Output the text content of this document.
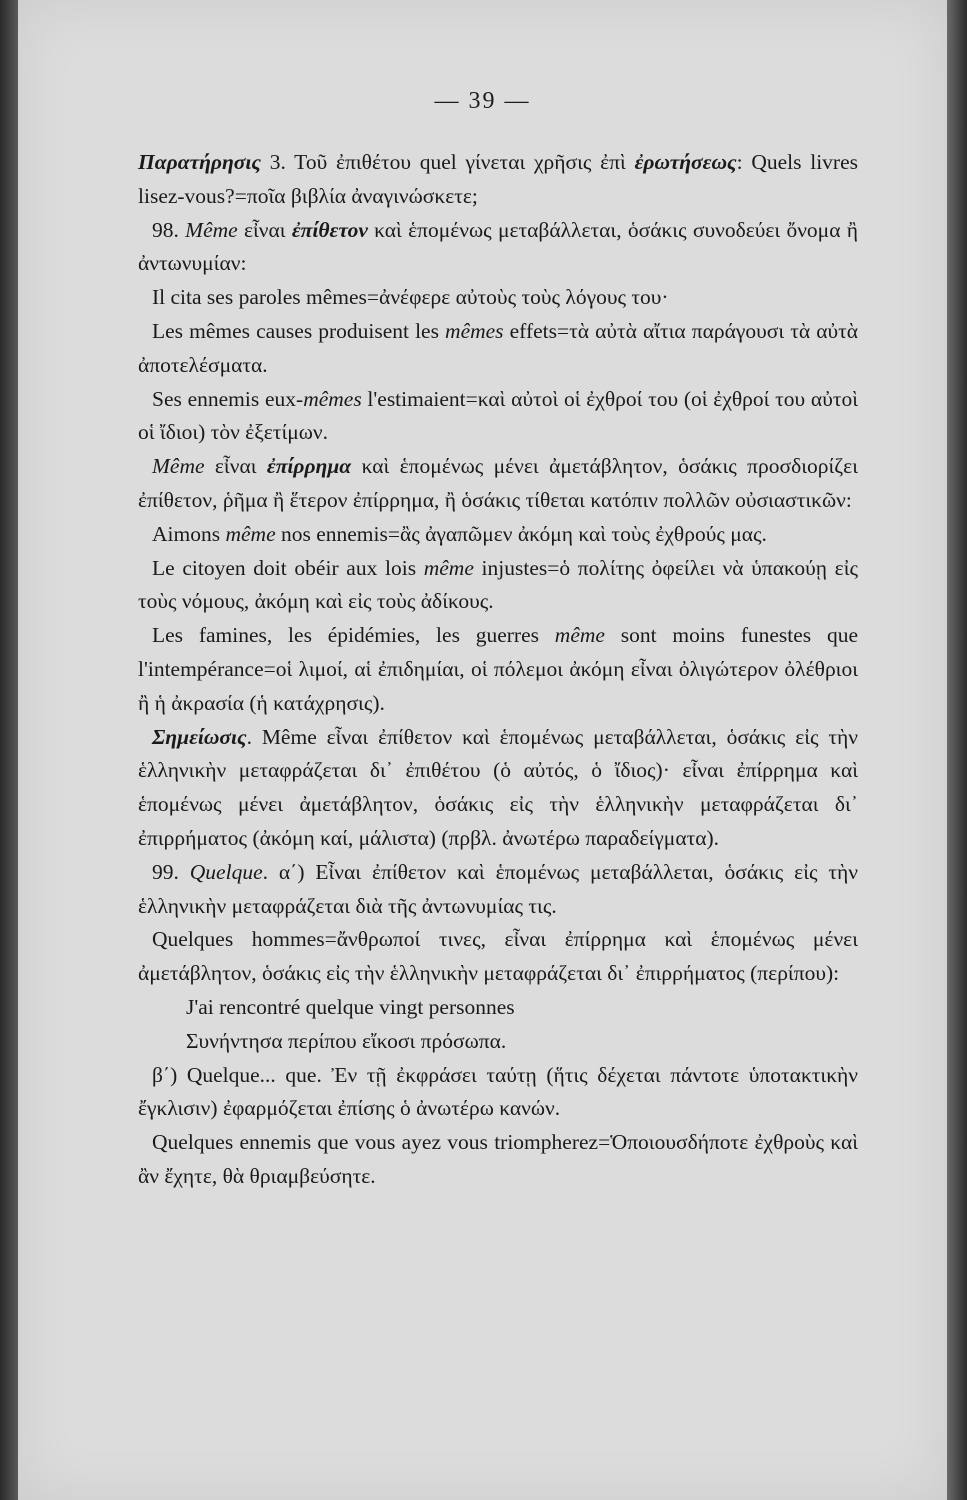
— 39 —

Παρατήρησις 3. Τοῦ ἐπιθέτου quel γίνεται χρῆσις ἐπὶ ἐρωτήσεως: Quels livres lisez-vous?=ποῖα βιβλία ἀναγινώσκετε;

98. Même εἶναι ἐπίθετον καὶ ἑπομένως μεταβάλλεται, ὁσάκις συνοδεύει ὄνομα ἢ ἀντωνυμίαν:

Il cita ses paroles mêmes=ἀνέφερε αὐτοὺς τοὺς λόγους του·

Les mêmes causes produisent les mêmes effets=τὰ αὐτὰ αἴτια παράγουσι τὰ αὐτὰ ἀποτελέσματα.

Ses ennemis eux-mêmes l'estimaient=καὶ αὐτοὶ οἱ ἐχθροί του (οἱ ἐχθροί του αὐτοὶ οἱ ἴδιοι) τὸν ἐξετίμων.

Même εἶναι ἐπίρρημα καὶ ἑπομένως μένει ἀμετάβλητον, ὁσάκις προσδιορίζει ἐπίθετον, ῥῆμα ἢ ἕτερον ἐπίρρημα, ἢ ὁσάκις τίθεται κατόπιν πολλῶν οὐσιαστικῶν:

Aimons même nos ennemis=ἂς ἀγαπῶμεν ἀκόμη καὶ τοὺς ἐχθρούς μας.

Le citoyen doit obéir aux lois même injustes=ὁ πολίτης ὀφείλει νὰ ὑπακούῃ εἰς τοὺς νόμους, ἀκόμη καὶ εἰς τοὺς ἀδίκους.

Les famines, les épidémies, les guerres même sont moins funestes que l'intempérance=οἱ λιμοί, αἱ ἐπιδημίαι, οἱ πόλεμοι ἀκόμη εἶναι ὀλιγώτερον ὀλέθριοι ἢ ἡ ἀκρασία (ἡ κατάχρησις).

Σημείωσις. Même εἶναι ἐπίθετον καὶ ἑπομένως μεταβάλλεται, ὁσάκις εἰς τὴν ἑλληνικὴν μεταφράζεται δι᾽ ἐπιθέτου (ὁ αὐτός, ὁ ἴδιος)· εἶναι ἐπίρρημα καὶ ἑπομένως μένει ἀμετάβλητον, ὁσάκις εἰς τὴν ἑλληνικὴν μεταφράζεται δι᾽ ἐπιρρήματος (ἀκόμη καί, μάλιστα) (πρβλ. ἀνωτέρω παραδείγματα).

99. Quelque. α΄) Εἶναι ἐπίθετον καὶ ἑπομένως μεταβάλλεται, ὁσάκις εἰς τὴν ἑλληνικὴν μεταφράζεται διὰ τῆς ἀντωνυμίας τις.

Quelques hommes=ἄνθρωποί τινες, εἶναι ἐπίρρημα καὶ ἑπομένως μένει ἀμετάβλητον, ὁσάκις εἰς τὴν ἑλληνικὴν μεταφράζεται δι᾽ ἐπιρρήματος (περίπου):

J'ai rencontré quelque vingt personnes

Συνήντησα περίπου εἴκοσι πρόσωπα.

β΄) Quelque... que. Ἐν τῇ ἐκφράσει ταύτῃ (ἥτις δέχεται πάντοτε ὑποτακτικὴν ἔγκλισιν) ἐφαρμόζεται ἐπίσης ὁ ἀνωτέρω κανών.

Quelques ennemis que vous ayez vous triompherez=Ὁποιουσδήποτε ἐχθροὺς καὶ ἂν ἔχητε, θὰ θριαμβεύσητε.
